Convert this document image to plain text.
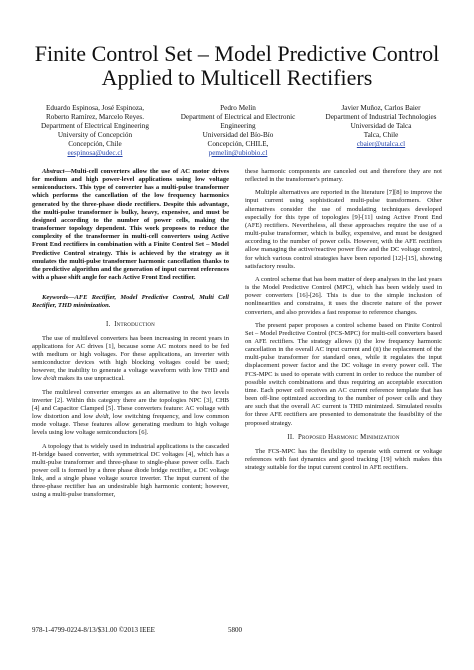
Finite Control Set – Model Predictive Control
Applied to Multicell Rectifiers
Eduardo Espinosa, José Espinoza,
Roberto Ramírez, Marcelo Reyes.
Department of Electrical Engineering
University of Concepción
Concepción, Chile
eespinosa@udec.cl
Pedro Melín
Department of Electrical and Electronic
Engineering
Universidad del Bío-Bío
Concepción, CHILE,
pemelin@ubiobio.cl
Javier Muñoz, Carlos Baier
Department of Industrial Technologies
Universidad de Talca
Talca, Chile
cbaier@utalca.cl

Abstract—Multi-cell converters allow the use of AC motor drives for medium and high power-level applications using low voltage semiconductors. This type of converter has a multi-pulse transformer which performs the cancellation of the low frequency harmonics generated by the three-phase diode rectifiers. Despite this advantage, the multi-pulse transformer is bulky, heavy, expensive, and must be designed according to the number of power cells, making the transformer topology dependent. This work proposes to reduce the complexity of the transformer in multi-cell converters using Active Front End rectifiers in combination with a Finite Control Set – Model Predictive Control strategy. This is achieved by the strategy as it emulates the multi-pulse transformer harmonic cancellation thanks to the predictive algorithm and the generation of input current references with a phase shift angle for each Active Front End rectifier.

Keywords—AFE Rectifier, Model Predictive Control, Multi Cell Rectifier, THD minimization.

I. Introduction

The use of multilevel converters has been increasing in recent years in applications for AC drives [1], because some AC motors need to be fed with medium or high voltages. For these applications, an inverter with semiconductor devices with high blocking voltages could be used; however, the inability to generate a voltage waveform with low THD and low dv/dt makes its use unpractical.

The multilevel converter emerges as an alternative to the two levels inverter [2]. Within this category there are the topologies NPC [3], CHB [4] and Capacitor Clamped [5]. These converters feature: AC voltage with low distortion and low dv/dt, low switching frequency, and low common mode voltage. These features allow generating medium to high voltage levels using low voltage semiconductors [6].

A topology that is widely used in industrial applications is the cascaded H-bridge based converter, with symmetrical DC voltages [4], which has a multi-pulse transformer and three-phase to single-phase power cells. Each power cell is formed by a three phase diode bridge rectifier, a DC voltage link, and a single phase voltage source inverter. The input current of the three-phase rectifier has an undesirable high harmonic content; however, using a multi-pulse transformer,

these harmonic components are canceled out and therefore they are not reflected in the transformer's primary.

Multiple alternatives are reported in the literature [7][8] to improve the input current using sophisticated multi-pulse transformers. Other alternatives consider the use of modulating techniques developed especially for this type of topologies [9]-[11] using Active Front End (AFE) rectifiers. Nevertheless, all these approaches require the use of a multi-pulse transformer, which is bulky, expensive, and must be designed according to the number of power cells. However, with the AFE rectifiers allow managing the active/reactive power flow and the DC voltage control, for which various control strategies have been reported [12]-[15], showing satisfactory results.

A control scheme that has been matter of deep analyses in the last years is the Model Predictive Control (MPC), which has been widely used in power converters [16]-[26]. This is due to the simple inclusion of nonlinearities and constrains, it uses the discrete nature of the power converters, and also provides a fast response to reference changes.

The present paper proposes a control scheme based on Finite Control Set – Model Predictive Control (FCS-MPC) for multi-cell converters based on AFE rectifiers. The strategy allows (i) the low frequency harmonic cancellation in the overall AC input current and (ii) the replacement of the multi-pulse transformer for standard ones, while it regulates the input displacement power factor and the DC voltage in every power cell. The FCS-MPC is used to operate with current in order to reduce the number of possible switch combinations and thus requiring an acceptable execution time. Each power cell receives an AC current reference template that has been off-line optimized according to the number of power cells and they are such that the overall AC current is THD minimized. Simulated results for three AFE rectifiers are presented to demonstrate the feasibility of the proposed strategy.

II. Proposed Harmonic Minimization

The FCS-MPC has the flexibility to operate with current or voltage references with fast dynamics and good tracking [19] which makes this strategy suitable for the input current control in AFE rectifiers.

978-1-4799-0224-8/13/$31.00 ©2013 IEEE	5800
